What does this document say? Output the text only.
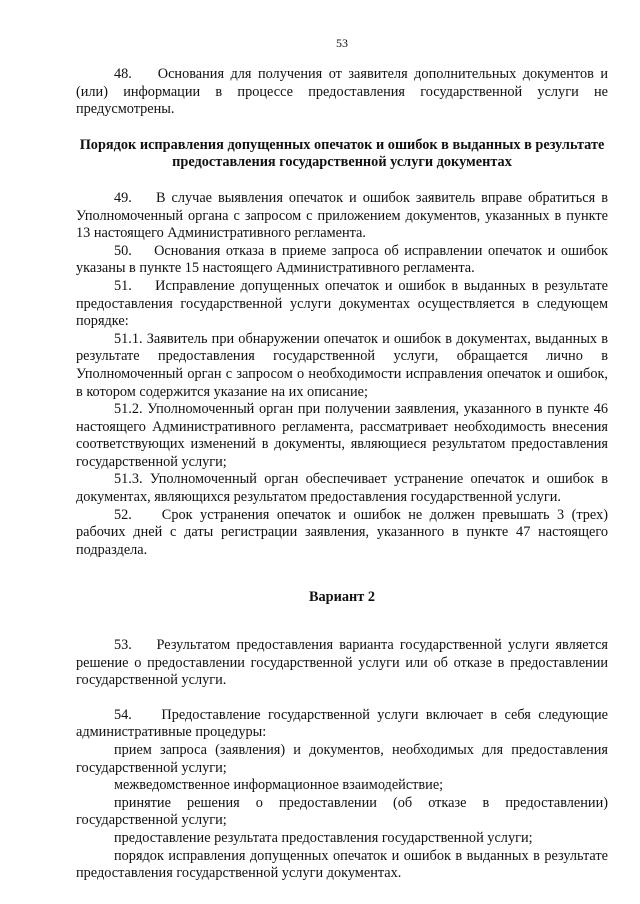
53

48.    Основания для получения от заявителя дополнительных документов и (или) информации в процессе предоставления государственной услуги не предусмотрены.

Порядок исправления допущенных опечаток и ошибок в выданных в результате предоставления государственной услуги документах

49.    В случае выявления опечаток и ошибок заявитель вправе обратиться в Уполномоченный органа с запросом с приложением документов, указанных в пункте 13 настоящего Административного регламента.

50.    Основания отказа в приеме запроса об исправлении опечаток и ошибок указаны в пункте 15 настоящего Административного регламента.

51.    Исправление допущенных опечаток и ошибок в выданных в результате предоставления государственной услуги документах осуществляется в следующем порядке:

51.1. Заявитель при обнаружении опечаток и ошибок в документах, выданных в результате предоставления государственной услуги, обращается лично в Уполномоченный орган с запросом о необходимости исправления опечаток и ошибок, в котором содержится указание на их описание;

51.2. Уполномоченный орган при получении заявления, указанного в пункте 46 настоящего Административного регламента, рассматривает необходимость внесения соответствующих изменений в документы, являющиеся результатом предоставления государственной услуги;

51.3. Уполномоченный орган обеспечивает устранение опечаток и ошибок в документах, являющихся результатом предоставления государственной услуги.

52.    Срок устранения опечаток и ошибок не должен превышать 3 (трех) рабочих дней с даты регистрации заявления, указанного в пункте 47 настоящего подраздела.

Вариант 2

53.    Результатом предоставления варианта государственной услуги является решение о предоставлении государственной услуги или об отказе в предоставлении государственной услуги.

54.    Предоставление государственной услуги включает в себя следующие административные процедуры:

прием запроса (заявления) и документов, необходимых для предоставления государственной услуги;

межведомственное информационное взаимодействие;

принятие решения о предоставлении (об отказе в предоставлении) государственной услуги;

предоставление результата предоставления государственной услуги;

порядок исправления допущенных опечаток и ошибок в выданных в результате предоставления государственной услуги документах.
